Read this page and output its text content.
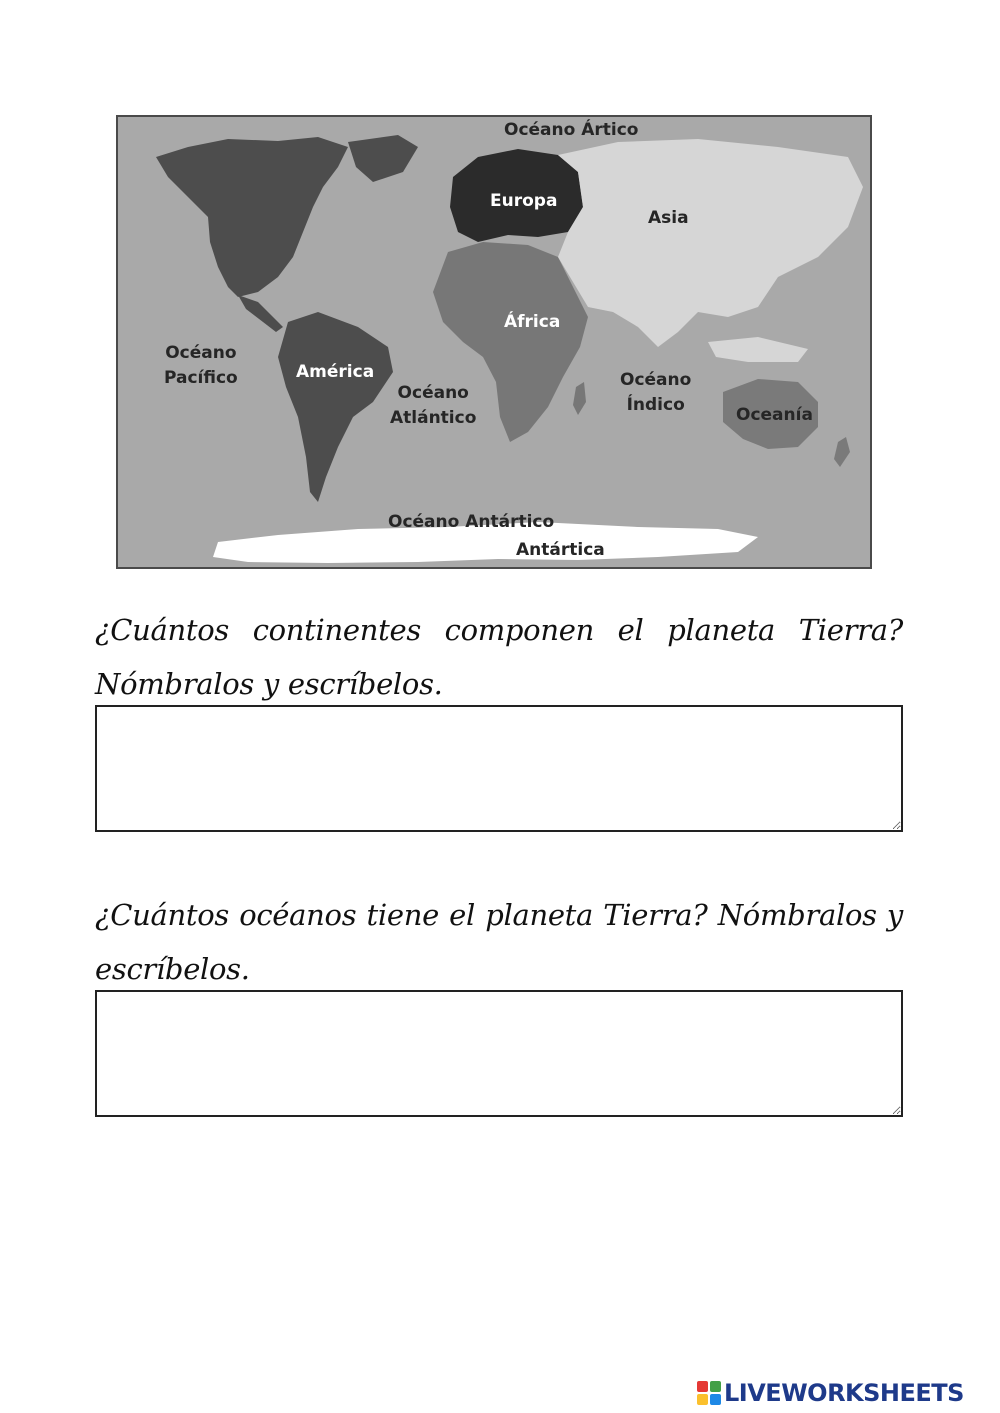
Océano Ártico
Europa
Asia
África
América
Océano
Pacífico
Océano
Atlántico
Océano
Índico	Oceanía
Océano Antártico
Antártica

¿Cuántos continentes componen el planeta Tierra? Nómbralos y escríbelos.

¿Cuántos océanos tiene el planeta Tierra? Nómbralos y escríbelos.

LIVEWORKSHEETS
